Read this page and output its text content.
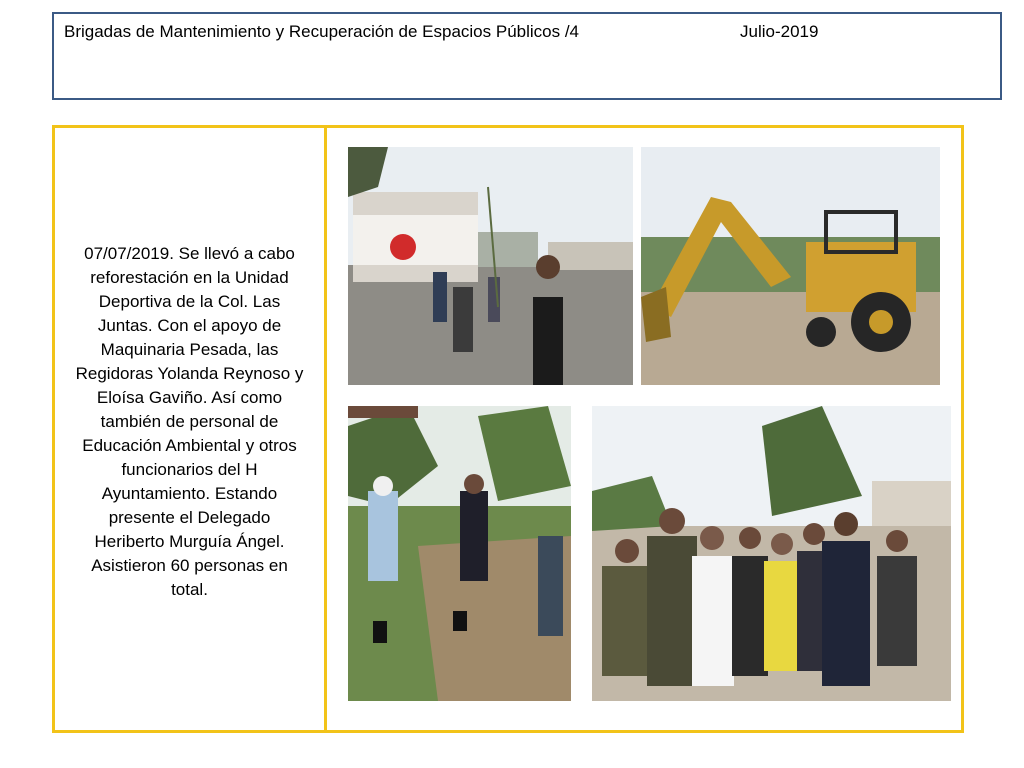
Brigadas de Mantenimiento y Recuperación de Espacios Públicos /4	Julio-2019
07/07/2019. Se llevó a cabo reforestación en la Unidad Deportiva de la Col. Las Juntas. Con el apoyo de Maquinaria Pesada, las Regidoras Yolanda Reynoso y Eloísa Gaviño. Así como también de personal de Educación Ambiental y otros funcionarios del H Ayuntamiento. Estando presente el Delegado Heriberto Murguía Ángel. Asistieron 60 personas en total.
